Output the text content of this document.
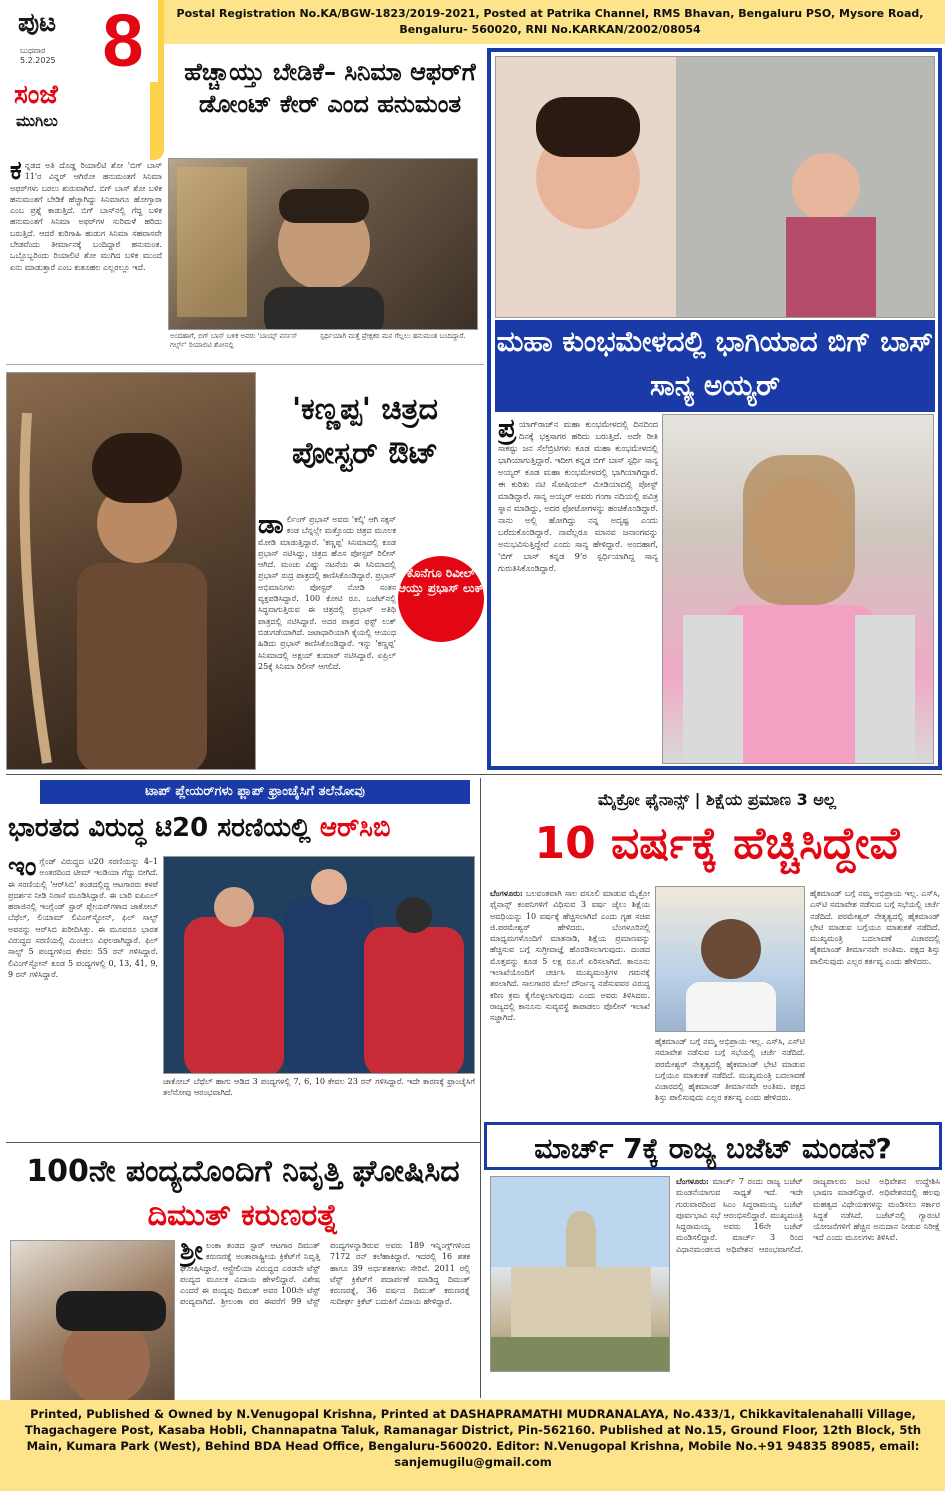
Postal Registration No.KA/BGW-1823/2019-2021, Posted at Patrika Channel, RMS Bhavan, Bengaluru PSO, Mysore Road, Bengaluru- 560020, RNI No.KARKAN/2002/08054
ಪುಟ 8
ಬುಧವಾರ
5.2.2025
ಸಂಜೆ
ಮುಗಿಲು
ಹೆಚ್ಚಾಯ್ತು ಬೇಡಿಕೆ– ಸಿನಿಮಾ ಆಫರ್‌ಗೆ ಡೋಂಟ್ ಕೇರ್ ಎಂದ ಹನುಮಂತ
ಕನ್ನಡದ ಅತಿ ದೊಡ್ಡ ರಿಯಾಲಿಟಿ ಶೋ 'ಬಿಗ್ ಬಾಸ್ 11'ರ ವಿನ್ನರ್ ಆಗಿರೋ ಹನುಮಂತಗೆ ಸಿನಿಮಾ ಅಫರ್‌ಗಳು ಬರಲು ಶುರುವಾಗಿವೆ. ಬಿಗ್ ಬಾಸ್ ಶೋ ಬಳಿಕ ಹನುಮಂತಗೆ ಬೇಡಿಕೆ ಹೆಚ್ಚಾಗಿದ್ದು ಸಿನಿಮಾಗೂ ಹೋಗ್ತಾರಾ ಎಂಬ ಪ್ರಶ್ನೆ ಕಾಡುತ್ತಿದೆ. ಬಿಗ್ ಬಾಸ್‌ನಲ್ಲಿ ಗೆದ್ದ ಬಳಿಕ ಹನುಮಂತಗೆ ಸಿನಿಮಾ ಅಫರ್‌ಗಳ ಸುರಿಮಳೆ ಹರಿದು ಬರುತ್ತಿದೆ. ಆದರೆ ಕುರಿಗಾಹಿ ಹುಡುಗ ಸಿನಿಮಾ ಸಹವಾಸವೇ ಬೇಡವೆಂದು ತೀರ್ಮಾನಕ್ಕೆ ಬಂದಿದ್ದಾರೆ ಹನುಮಂತ. ಒಬ್ಬೊಬ್ಬರಿಂದು ರಿಯಾಲಿಟಿ ಶೋ ಮುಗಿದ ಬಳಿಕ ಮುಂದೆ ಏನು ಮಾಡುತ್ತಾರೆ ಎಂಬ ಕುತೂಹಲ ಎಲ್ಲರಲ್ಲೂ ಇದೆ.
ಅಂದಹಾಗೆ, ಬಿಗ್ ಬಾಸ್ ಬಳಿಕ ಅವರು 'ಬಾಯ್ಸ್ ವರ್ಸಸ್ ಗರ್ಲ್ಸ್' ರಿಯಾಲಿಟಿ ಶೋನಲ್ಲಿ
ಸ್ಪರ್ಧಿಯಾಗಿ ಮತ್ತೆ ಪ್ರೇಕ್ಷಕರ ಮನ ಗೆಲ್ಲಲು ಹನುಮಂತ ಬಂದಿದ್ದಾರೆ. ಮಹಾ ಕುಂಭಮೇಳದಲ್ಲಿ ಭಾಗಿಯಾದ ಬಿಗ್ ಬಾಸ್ ಸಾನ್ಯ ಅಯ್ಯರ್
ಪ್ರ ಯಾಗ್‌ರಾಜ್‌ನ ಮಹಾ ಕುಂಭಮೇಳದಲ್ಲಿ ದಿನದಿಂದ ದಿನಕ್ಕೆ ಭಕ್ತಸಾಗರ ಹರಿದು ಬರುತ್ತಿದೆ. ಅದೇ ರೀತಿ ಸಾಕಷ್ಟು ಜನ ಸೆಲೆಬ್ರಿಟಿಗಳು ಕೂಡ ಮಹಾ ಕುಂಭಮೇಳದಲ್ಲಿ ಭಾಗಿಯಾಗುತ್ತಿದ್ದಾರೆ. ಇದೀಗ ಕನ್ನಡ ಬಿಗ್ ಬಾಸ್ ಸ್ಪರ್ಧಿ ಸಾನ್ಯ ಅಯ್ಯರ್ ಕೂಡ ಮಹಾ ಕುಂಭಮೇಳದಲ್ಲಿ ಭಾಗಿಯಾಗಿದ್ದಾರೆ. ಈ ಕುರಿತು ನಟಿ ಸೋಷಿಯಲ್ ಮೀಡಿಯಾದಲ್ಲಿ ಪೋಸ್ಟ್ ಮಾಡಿದ್ದಾರೆ. ಸಾನ್ಯ ಅಯ್ಯರ್ ಅವರು ಗಂಗಾ ನದಿಯಲ್ಲಿ ಪವಿತ್ರ ಸ್ನಾನ ಮಾಡಿದ್ದು, ಅದರ ಫೋಟೋಗಳನ್ನು ಹಂಚಿಕೊಂಡಿದ್ದಾರೆ. ನಾನು ಅಲ್ಲಿ ಹೋಗಿದ್ದು ನನ್ನ ಅದೃಷ್ಟ ಎಂದು ಬರೆದುಕೊಂಡಿದ್ದಾರೆ. ನಾವೆಲ್ಲರೂ ಮಾನವ ಜನಾಂಗವನ್ನು ಅನುಭವಿಸುತ್ತಿದ್ದೇವೆ ಎಂದು ಸಾನ್ಯ ಹೇಳಿದ್ದಾರೆ. ಅಂದಹಾಗೆ, 'ಬಿಗ್ ಬಾಸ್ ಕನ್ನಡ 9'ರ ಸ್ಪರ್ಧಿಯಾಗಿದ್ದ ಸಾನ್ಯ ಗುರುತಿಸಿಕೊಂಡಿದ್ದಾರೆ.
'ಕಣ್ಣಪ್ಪ' ಚಿತ್ರದ ಪೋಸ್ಟರ್ ಔಟ್
ಕೊನೆಗೂ ರಿವೀಲ್ ಆಯ್ತು ಪ್ರಭಾಸ್ ಲುಕ್
ಡಾರ್ಲಿಂಗ್ ಪ್ರಭಾಸ್ ಅವರು 'ಕಲ್ಕಿ' ಆಗಿ ಸಕ್ಸಸ್ ಕಂಡ ಬೆನ್ನಲ್ಲೇ ಮತ್ತೊಂದು ಚಿತ್ರದ ಮೂಲಕ ಮೋಡಿ ಮಾಡುತ್ತಿದ್ದಾರೆ. 'ಕಣ್ಣಪ್ಪ' ಸಿನಿಮಾದಲ್ಲಿ ಕೂಡ ಪ್ರಭಾಸ್ ನಟಿಸಿದ್ದು, ಚಿತ್ರದ ಹೊಸ ಪೋಸ್ಟರ್ ರಿಲೀಸ್ ಆಗಿದೆ. ಮಂಚು ವಿಷ್ಣು ನಟನೆಯ ಈ ಸಿನಿಮಾದಲ್ಲಿ ಪ್ರಭಾಸ್ ರುದ್ರ ಪಾತ್ರದಲ್ಲಿ ಕಾಣಿಸಿಕೊಂಡಿದ್ದಾರೆ. ಪ್ರಭಾಸ್ ಅಭಿಮಾನಿಗಳು ಪೋಸ್ಟರ್ ನೋಡಿ ಸಂತಸ ವ್ಯಕ್ತಪಡಿಸಿದ್ದಾರೆ. 100 ಕೋಟಿ ರೂ. ಬಜೆಟ್‌ನಲ್ಲಿ ಸಿದ್ಧವಾಗುತ್ತಿರುವ ಈ ಚಿತ್ರದಲ್ಲಿ ಪ್ರಭಾಸ್ ಅತಿಥಿ ಪಾತ್ರದಲ್ಲಿ ನಟಿಸಿದ್ದಾರೆ. ಅದರ ಪಾತ್ರದ ಫಸ್ಟ್ ಲುಕ್ ಬಿಡುಗಡೆಯಾಗಿದೆ. ಜಟಾಧಾರಿಯಾಗಿ ಕೈಯಲ್ಲಿ ಆಯುಧ ಹಿಡಿದು ಪ್ರಭಾಸ್ ಕಾಣಿಸಿಕೊಂಡಿದ್ದಾರೆ. ಇನ್ನು 'ಕಣ್ಣಪ್ಪ' ಸಿನಿಮಾದಲ್ಲಿ ಅಕ್ಷಯ್ ಕುಮಾರ್ ನಟಿಸಿದ್ದಾರೆ. ಏಪ್ರಿಲ್ 25ಕ್ಕೆ ಸಿನಿಮಾ ರಿಲೀಸ್ ಆಗಲಿದೆ.
ಟಾಪ್ ಪ್ಲೇಯರ್‌ಗಳು ಫ್ಲಾಪ್ ಫ್ರಾಂಚೈಸಿಗೆ ತಲೆನೋವು
ಭಾರತದ ವಿರುದ್ಧ ಟಿ20 ಸರಣಿಯಲ್ಲಿ ಆರ್‌ಸಿಬಿ
ಇಂಗ್ಲೆಂಡ್ ವಿರುದ್ಧದ ಟಿ20 ಸರಣಿಯನ್ನು 4–1 ಅಂತರದಿಂದ ಟೀಮ್ ಇಂಡಿಯಾ ಗೆದ್ದು ಬೀಗಿದೆ. ಈ ಸರಣಿಯಲ್ಲಿ 'ಆರ್‌ಸಿಬಿ' ತಂಡದಲ್ಲಿದ್ದ ಆಟಗಾರರು ಕಳಪೆ ಪ್ರದರ್ಶನ ನೀಡಿ ನಿರಾಸೆ ಮೂಡಿಸಿದ್ದಾರೆ. ಈ ಬಾರಿ ಐಪಿಎಲ್ ಹರಾಜಿನಲ್ಲಿ ಇಂಗ್ಲೆಂಡ್ ಸ್ಟಾರ್ ಪ್ಲೇಯರ್‌ಗಳಾದ ಜಾಕೋಬ್ ಬೆಥೆಲ್, ಲಿಯಾಮ್ ಲಿವಿಂಗ್‌ಸ್ಟೋನ್, ಫಿಲ್ ಸಾಲ್ಟ್ ಅವರನ್ನು ಆರ್‌ಸಿಬಿ ಖರೀದಿಸಿತ್ತು. ಈ ಮೂವರೂ ಭಾರತ ವಿರುದ್ಧದ ಸರಣಿಯಲ್ಲಿ ಮಿಂಚಲು ವಿಫಲರಾಗಿದ್ದಾರೆ. ಫಿಲ್ ಸಾಲ್ಟ್ 5 ಪಂದ್ಯಗಳಿಂದ ಕೇವಲ 55 ರನ್ ಗಳಿಸಿದ್ದಾರೆ. ಲಿವಿಂಗ್‌ಸ್ಟೋನ್ ಕೂಡ 5 ಪಂದ್ಯಗಳಲ್ಲಿ 0, 13, 41, 9, 9 ರನ್ ಗಳಿಸಿದ್ದಾರೆ.
ಜಾಕೋಬ್ ಬೆಥೆಲ್ ಹಾಗು ಆಡಿದ 3 ಪಂದ್ಯಗಳಲ್ಲಿ 7, 6, 10 ಕೇವಲ 23 ರನ್ ಗಳಿಸಿದ್ದಾರೆ. ಇದೇ ಕಾರಣಕ್ಕೆ ಫ್ರಾಂಚೈಸಿಗೆ ತಲೆನೋವು ಆರಂಭವಾಗಿದೆ.
ಮೈಕ್ರೋ ಫೈನಾನ್ಸ್ | ಶಿಕ್ಷೆಯ ಪ್ರಮಾಣ 3 ಅಲ್ಲ
10 ವರ್ಷಕ್ಕೆ ಹೆಚ್ಚಿಸಿದ್ದೇವೆ
ಬೆಂಗಳೂರು: ಬಲವಂತವಾಗಿ ಸಾಲ ವಸೂಲಿ ಮಾಡುವ ಮೈಕ್ರೋ ಫೈನಾನ್ಸ್ ಕಂಪನಿಗಳಿಗೆ ವಿಧಿಸುವ 3 ವರ್ಷ ಜೈಲು ಶಿಕ್ಷೆಯ ಅವಧಿಯನ್ನು 10 ವರ್ಷಕ್ಕೆ ಹೆಚ್ಚಿಸಲಾಗಿದೆ ಎಂದು ಗೃಹ ಸಚಿವ ಜಿ.ಪರಮೇಶ್ವರ್ ಹೇಳಿದರು. ಬೆಂಗಳೂರಿನಲ್ಲಿ ಮಾಧ್ಯಮಗಳೊಂದಿಗೆ ಮಾತನಾಡಿ, ಶಿಕ್ಷೆಯ ಪ್ರಮಾಣವನ್ನು ಹೆಚ್ಚಿಸುವ ಬಗ್ಗೆ ಸುಗ್ರೀವಾಜ್ಞೆ ಹೊರಡಿಸಲಾಗುವುದು. ದಂಡದ ಮೊತ್ತವನ್ನು ಕೂಡ 5 ಲಕ್ಷ ರೂ.ಗೆ ಏರಿಸಲಾಗಿದೆ. ಕಾನೂನು ಇಲಾಖೆಯೊಂದಿಗೆ ಚರ್ಚಿಸಿ ಮುಖ್ಯಮಂತ್ರಿಗಳ ಗಮನಕ್ಕೆ ತರಲಾಗಿದೆ. ಸಾಲಗಾರರ ಮೇಲೆ ದೌರ್ಜನ್ಯ ನಡೆಸುವವರ ವಿರುದ್ಧ ಕಠಿಣ ಕ್ರಮ ಕೈಗೊಳ್ಳಲಾಗುವುದು ಎಂದು ಅವರು ತಿಳಿಸಿದರು. ರಾಜ್ಯದಲ್ಲಿ ಕಾನೂನು ಸುವ್ಯವಸ್ಥೆ ಕಾಪಾಡಲು ಪೊಲೀಸ್ ಇಲಾಖೆ ಸಜ್ಜಾಗಿದೆ.
ಹೈಕಮಾಂಡ್ ಬಗ್ಗೆ ನಮ್ಮ ಅಭಿಪ್ರಾಯ ಇಲ್ಲ. ಎಸ್‌ಸಿ, ಎಸ್‌ಟಿ ಸಮಾವೇಶ ನಡೆಸುವ ಬಗ್ಗೆ ಸಭೆಯಲ್ಲಿ ಚರ್ಚೆ ನಡೆದಿದೆ. ಪರಮೇಶ್ವರ್ ನೇತೃತ್ವದಲ್ಲಿ ಹೈಕಮಾಂಡ್ ಭೇಟಿ ಮಾಡುವ ಬಗ್ಗೆಯೂ ಮಾತುಕತೆ ನಡೆದಿದೆ. ಮುಖ್ಯಮಂತ್ರಿ ಬದಲಾವಣೆ ವಿಚಾರದಲ್ಲಿ ಹೈಕಮಾಂಡ್ ತೀರ್ಮಾನವೇ ಅಂತಿಮ. ಪಕ್ಷದ ಶಿಸ್ತು ಪಾಲಿಸುವುದು ಎಲ್ಲರ ಕರ್ತವ್ಯ ಎಂದು ಹೇಳಿದರು.
ಹೈಕಮಾಂಡ್ ಬಗ್ಗೆ ನಮ್ಮ ಅಭಿಪ್ರಾಯ ಇಲ್ಲ. ಎಸ್‌ಸಿ, ಎಸ್‌ಟಿ ಸಮಾವೇಶ ನಡೆಸುವ ಬಗ್ಗೆ ಸಭೆಯಲ್ಲಿ ಚರ್ಚೆ ನಡೆದಿದೆ. ಪರಮೇಶ್ವರ್ ನೇತೃತ್ವದಲ್ಲಿ ಹೈಕಮಾಂಡ್ ಭೇಟಿ ಮಾಡುವ ಬಗ್ಗೆಯೂ ಮಾತುಕತೆ ನಡೆದಿದೆ. ಮುಖ್ಯಮಂತ್ರಿ ಬದಲಾವಣೆ ವಿಚಾರದಲ್ಲಿ ಹೈಕಮಾಂಡ್ ತೀರ್ಮಾನವೇ ಅಂತಿಮ. ಪಕ್ಷದ ಶಿಸ್ತು ಪಾಲಿಸುವುದು ಎಲ್ಲರ ಕರ್ತವ್ಯ ಎಂದು ಹೇಳಿದರು.
100ನೇ ಪಂದ್ಯದೊಂದಿಗೆ ನಿವೃತ್ತಿ ಘೋಷಿಸಿದ ದಿಮುತ್ ಕರುಣರತ್ನೆ
ಶ್ರೀ ಲಂಕಾ ತಂಡದ ಸ್ಟಾರ್ ಆಟಗಾರ ದಿಮುತ್ ಕರುಣರತ್ನೆ ಅಂತಾರಾಷ್ಟ್ರೀಯ ಕ್ರಿಕೆಟ್‌ಗೆ ನಿವೃತ್ತಿ ಘೋಷಿಸಿದ್ದಾರೆ. ಆಸ್ಟ್ರೇಲಿಯಾ ವಿರುದ್ಧದ ಎರಡನೇ ಟೆಸ್ಟ್ ಪಂದ್ಯದ ಮೂಲಕ ವಿದಾಯ ಹೇಳಲಿದ್ದಾರೆ. ವಿಶೇಷ ಎಂದರೆ ಈ ಪಂದ್ಯವು ದಿಮುತ್ ಅವರ 100ನೇ ಟೆಸ್ಟ್ ಪಂದ್ಯವಾಗಿದೆ. ಶ್ರೀಲಂಕಾ ಪರ ಈವರೆಗೆ 99 ಟೆಸ್ಟ್ ಪಂದ್ಯಗಳನ್ನಾಡಿರುವ ಅವರು 189 ಇನ್ನಿಂಗ್ಸ್‌ಗಳಿಂದ 7172 ರನ್ ಕಲೆಹಾಕಿದ್ದಾರೆ. ಇದರಲ್ಲಿ 16 ಶತಕ ಹಾಗೂ 39 ಅರ್ಧಶತಕಗಳು ಸೇರಿವೆ. 2011 ರಲ್ಲಿ ಟೆಸ್ಟ್ ಕ್ರಿಕೆಟ್‌ಗೆ ಪದಾರ್ಪಣೆ ಮಾಡಿದ್ದ ದಿಮುತ್ ಕರುಣರತ್ನೆ, 36 ವರ್ಷದ ದಿಮುತ್ ಕರುಣರತ್ನೆ ಸುದೀರ್ಘ ಕ್ರಿಕೆಟ್ ಬದುಕಿಗೆ ವಿದಾಯ ಹೇಳಿದ್ದಾರೆ.
ಮಾರ್ಚ್ 7ಕ್ಕೆ ರಾಜ್ಯ ಬಜೆಟ್ ಮಂಡನೆ?
ಬೆಂಗಳೂರು: ಮಾರ್ಚ್ 7 ರಂದು ರಾಜ್ಯ ಬಜೆಟ್ ಮಂಡನೆಯಾಗುವ ಸಾಧ್ಯತೆ ಇದೆ. ಇದೇ ಗುರುವಾರದಿಂದ ಸಿಎಂ ಸಿದ್ದರಾಮಯ್ಯ ಬಜೆಟ್ ಪೂರ್ವಭಾವಿ ಸಭೆ ಆರಂಭಿಸಲಿದ್ದಾರೆ. ಮುಖ್ಯಮಂತ್ರಿ ಸಿದ್ದರಾಮಯ್ಯ ಅವರು 16ನೇ ಬಜೆಟ್ ಮಂಡಿಸಲಿದ್ದಾರೆ. ಮಾರ್ಚ್ 3 ರಿಂದ ವಿಧಾನಮಂಡಲದ ಅಧಿವೇಶನ ಆರಂಭವಾಗಲಿದೆ. ರಾಜ್ಯಪಾಲರು ಜಂಟಿ ಅಧಿವೇಶನ ಉದ್ದೇಶಿಸಿ ಭಾಷಣ ಮಾಡಲಿದ್ದಾರೆ. ಅಧಿವೇಶನದಲ್ಲಿ ಹಲವು ಮಹತ್ವದ ವಿಧೇಯಕಗಳನ್ನು ಮಂಡಿಸಲು ಸರ್ಕಾರ ಸಿದ್ಧತೆ ನಡೆಸಿದೆ. ಬಜೆಟ್‌ನಲ್ಲಿ ಗ್ಯಾರಂಟಿ ಯೋಜನೆಗಳಿಗೆ ಹೆಚ್ಚಿನ ಅನುದಾನ ನೀಡುವ ನಿರೀಕ್ಷೆ ಇದೆ ಎಂದು ಮೂಲಗಳು ತಿಳಿಸಿವೆ.
Printed, Published & Owned by N.Venugopal Krishna, Printed at DASHAPRAMATHI MUDRANALAYA, No.433/1, Chikkavitalenahalli Village, Thagachagere Post, Kasaba Hobli, Channapatna Taluk, Ramanagar District, Pin-562160. Published at No.15, Ground Floor, 12th Block, 5th Main, Kumara Park (West), Behind BDA Head Office, Bengaluru-560020. Editor: N.Venugopal Krishna, Mobile No.+91 94835 89085, email: sanjemugilu@gmail.com
